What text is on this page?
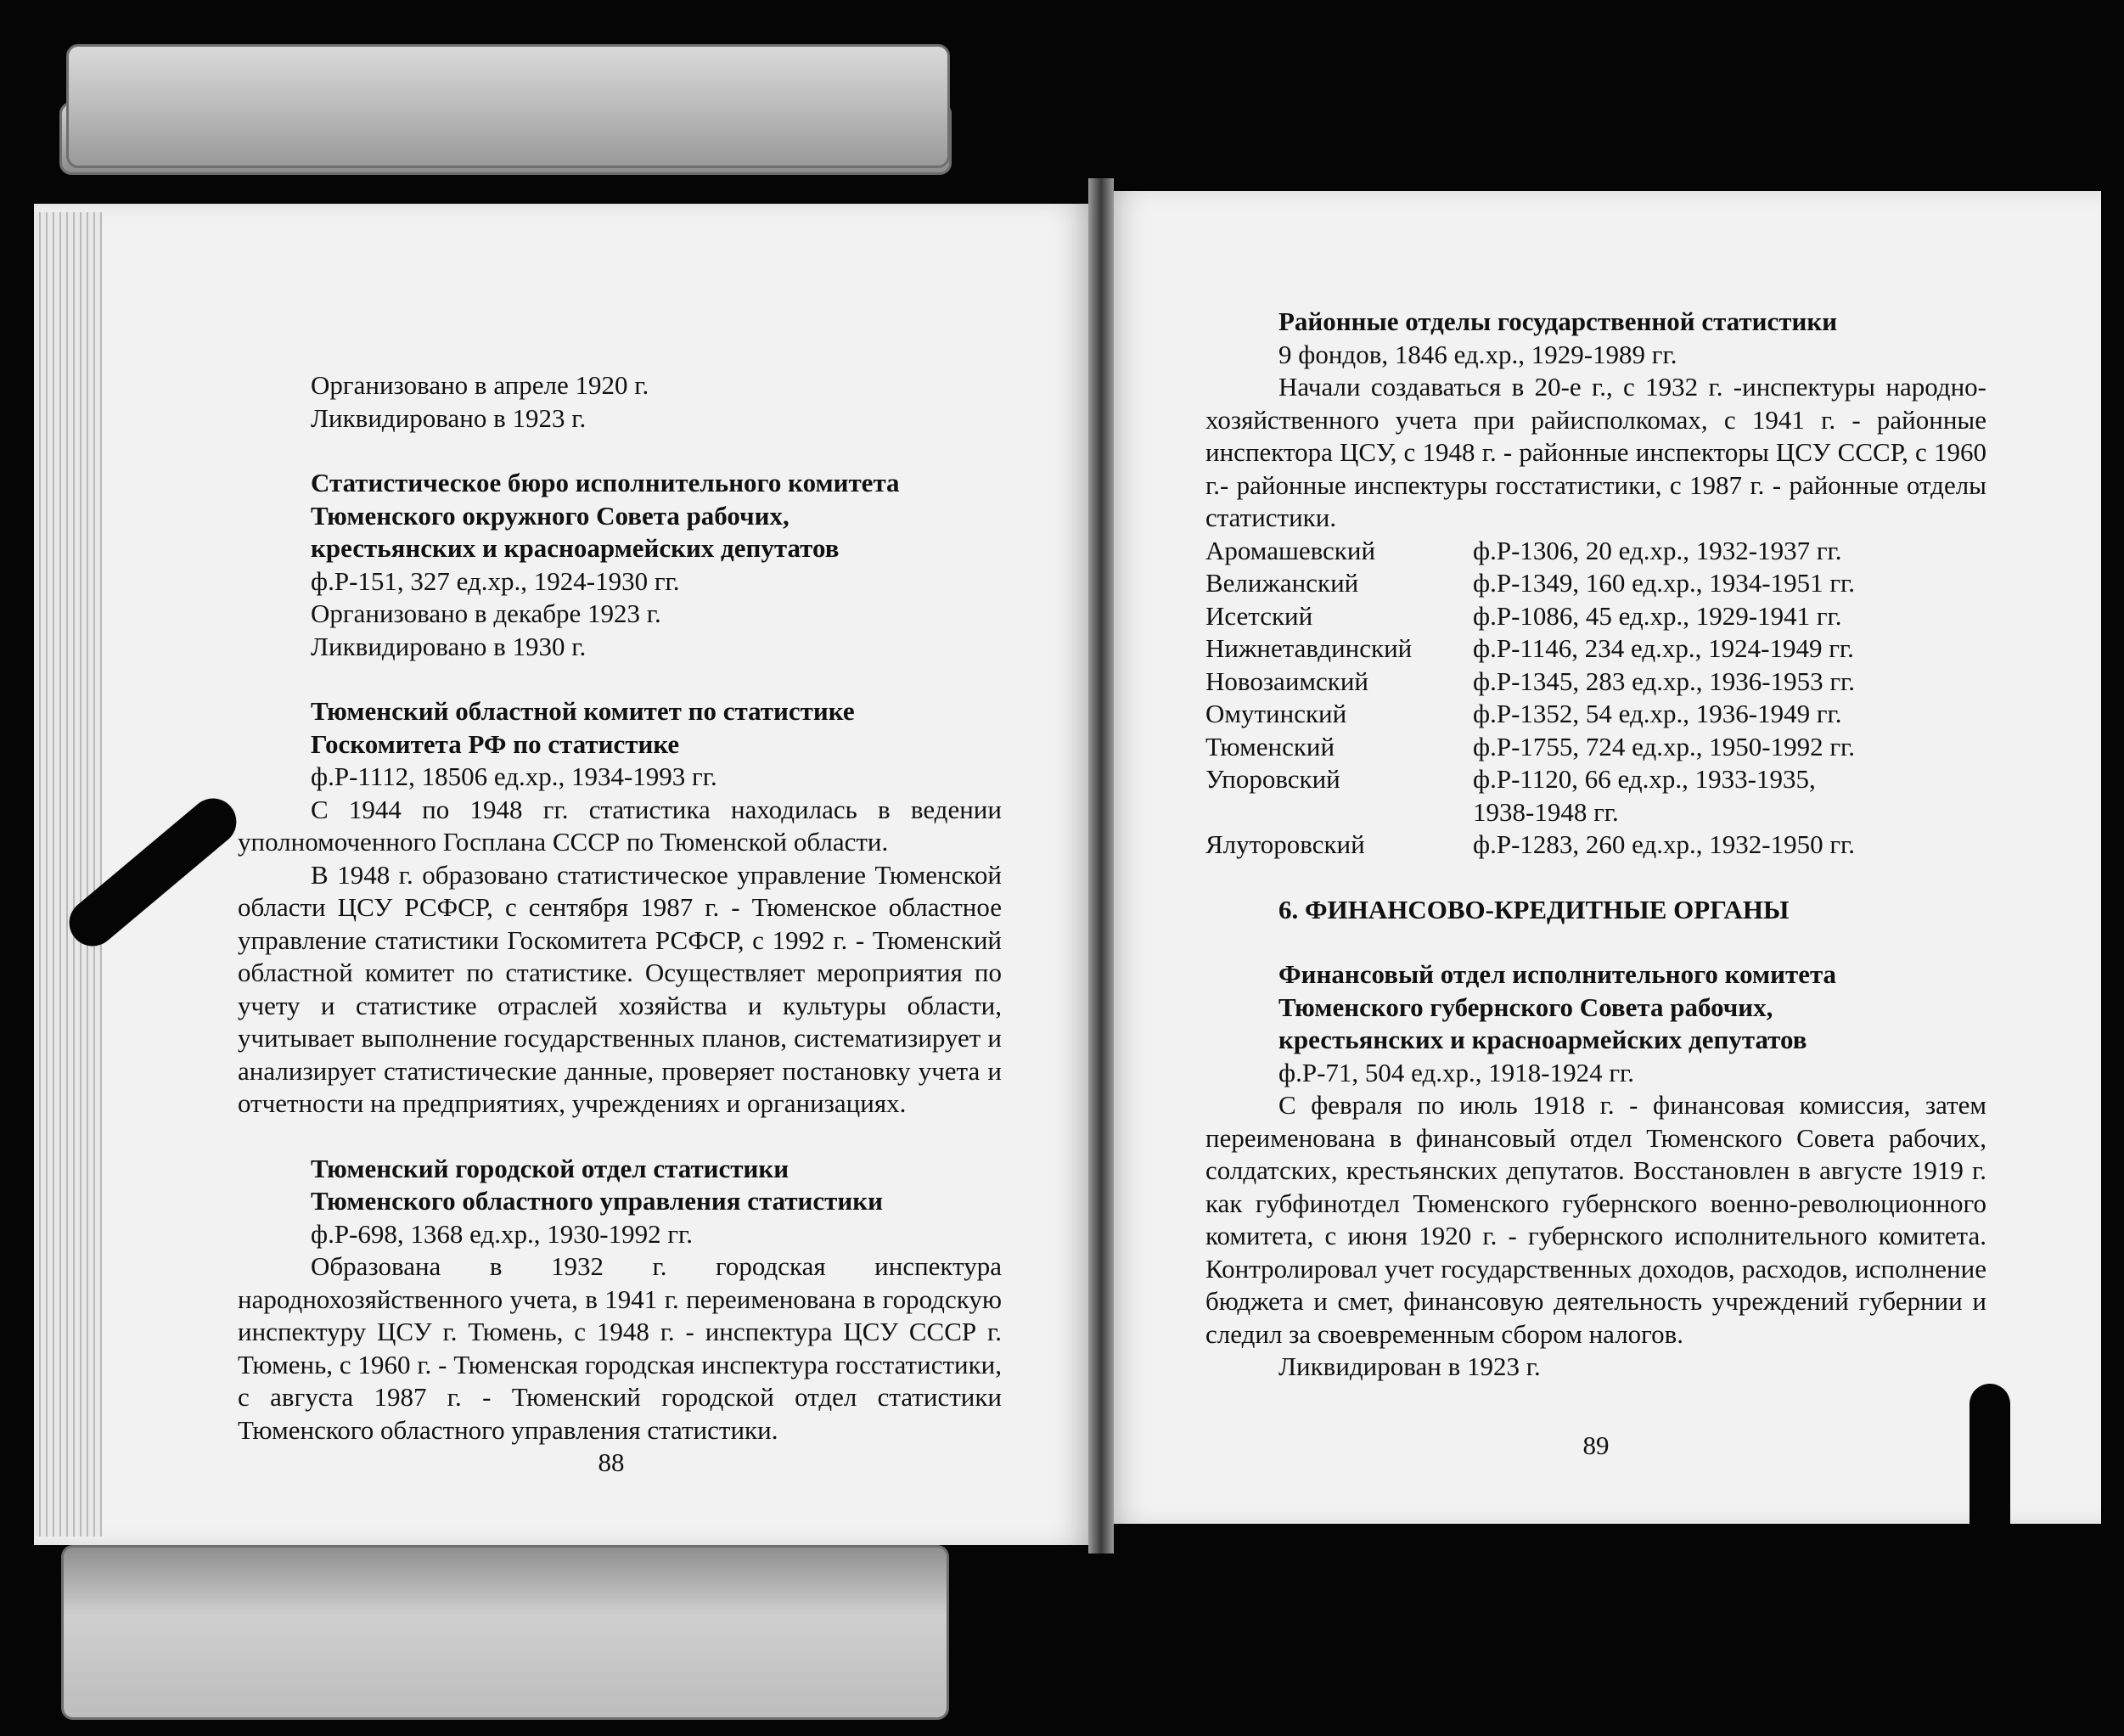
Организовано в апреле 1920 г.

Ликвидировано в 1923 г.

Статистическое бюро исполнительного комитета

Тюменского окружного Совета рабочих,

крестьянских и красноармейских депутатов

ф.Р-151, 327 ед.хр., 1924-1930 гг.

Организовано в декабре 1923 г.

Ликвидировано в 1930 г.

Тюменский областной комитет по статистике

Госкомитета РФ по статистике

ф.Р-1112, 18506 ед.хр., 1934-1993 гг.

С 1944 по 1948 гг. статистика находилась в ведении уполномоченного Госплана СССР по Тюменской области.

В 1948 г. образовано статистическое управление Тюменской области ЦСУ РСФСР, с сентября 1987 г. - Тюменское областное управление статистики Госкомитета РСФСР, с 1992 г. - Тюменский областной комитет по статистике. Осуществляет мероприятия по учету и статистике отраслей хозяйства и культуры области, учитывает выполнение государственных планов, систематизирует и анализирует статистические данные, проверяет постановку учета и отчетности на предприятиях, учреждениях и организациях.

Тюменский городской отдел статистики

Тюменского областного управления статистики

ф.Р-698, 1368 ед.хр., 1930-1992 гг.

Образована в 1932 г. городская инспектура народнохозяйственного учета, в 1941 г. переименована в городскую инспектуру ЦСУ г. Тюмень, с 1948 г. - инспектура ЦСУ СССР г. Тюмень, с 1960 г. - Тюменская городская инспектура госстатистики, с августа 1987 г. - Тюменский городской отдел статистики Тюменского областного управления статистики.

88

Районные отделы государственной статистики

9 фондов, 1846 ед.хр., 1929-1989 гг.

Начали создаваться в 20-е г., с 1932 г. -инспектуры народно-хозяйственного учета при райисполкомах, с 1941 г. - районные инспектора ЦСУ, с 1948 г. - районные инспекторы ЦСУ СССР, с 1960 г.- районные инспектуры госстатистики, с 1987 г. - районные отделы статистики.

Аромашевский	ф.Р-1306, 20 ед.хр., 1932-1937 гг.
Велижанский	ф.Р-1349, 160 ед.хр., 1934-1951 гг.
Исетский	ф.Р-1086, 45 ед.хр., 1929-1941 гг.
Нижнетавдинский	ф.Р-1146, 234 ед.хр., 1924-1949 гг.
Новозаимский	ф.Р-1345, 283 ед.хр., 1936-1953 гг.
Омутинский	ф.Р-1352, 54 ед.хр., 1936-1949 гг.
Тюменский	ф.Р-1755, 724 ед.хр., 1950-1992 гг.
Упоровский	ф.Р-1120, 66 ед.хр., 1933-1935,
1938-1948 гг.
Ялуторовский	ф.Р-1283, 260 ед.хр., 1932-1950 гг.

6. ФИНАНСОВО-КРЕДИТНЫЕ ОРГАНЫ

Финансовый отдел исполнительного комитета

Тюменского губернского Совета рабочих,

крестьянских и красноармейских депутатов

ф.Р-71, 504 ед.хр., 1918-1924 гг.

С февраля по июль 1918 г. - финансовая комиссия, затем переименована в финансовый отдел Тюменского Совета рабочих, солдатских, крестьянских депутатов. Восстановлен в августе 1919 г. как губфинотдел Тюменского губернского военно-революционного комитета, с июня 1920 г. - губернского исполнительного комитета. Контролировал учет государственных доходов, расходов, исполнение бюджета и смет, финансовую деятельность учреждений губернии и следил за своевременным сбором налогов.

Ликвидирован в 1923 г.

89
